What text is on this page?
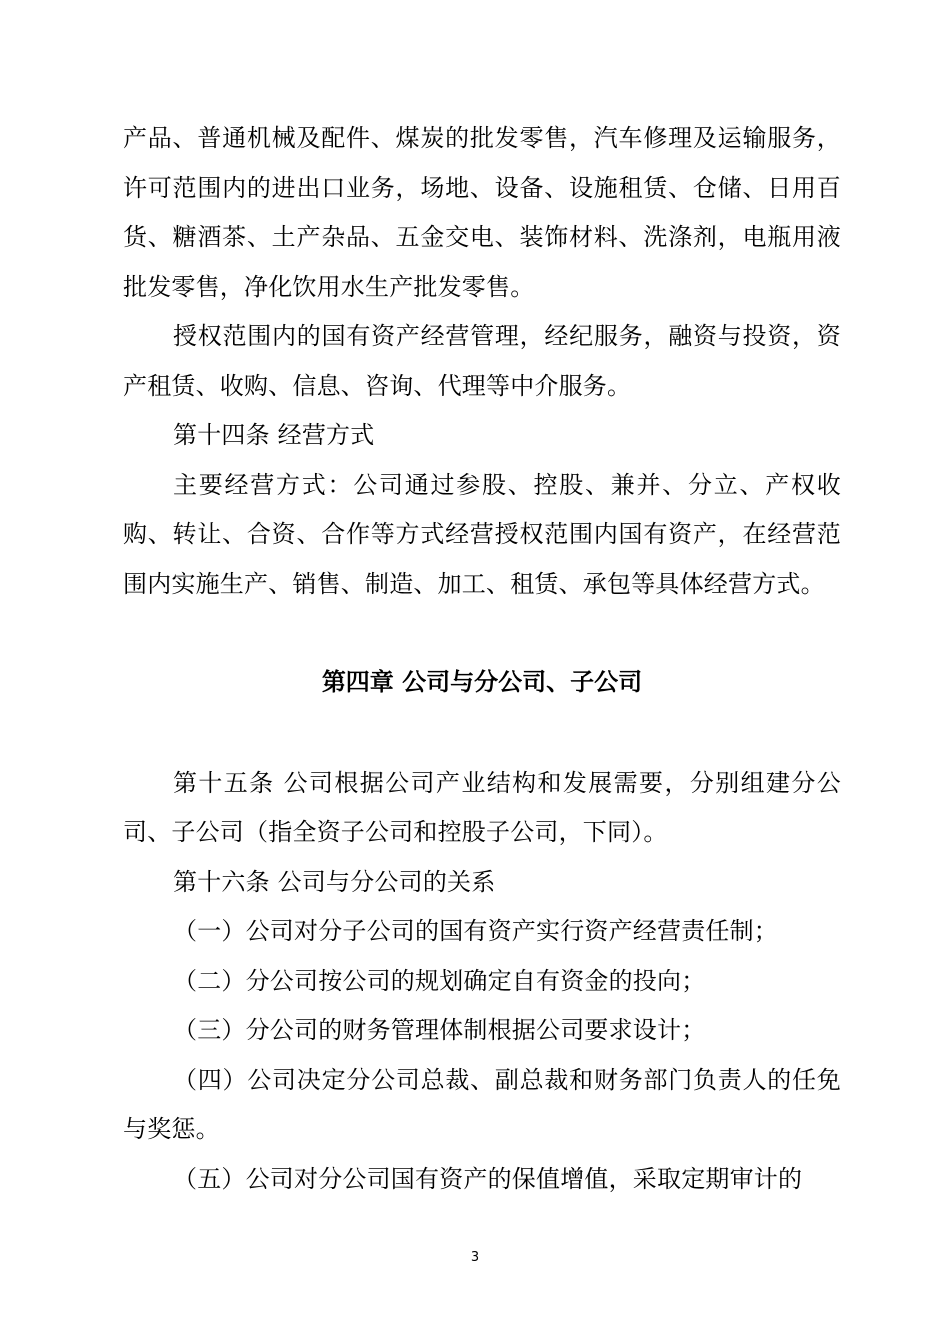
产品、普通机械及配件、煤炭的批发零售，汽车修理及运输服务，许可范围内的进出口业务，场地、设备、设施租赁、仓储、日用百货、糖酒茶、土产杂品、五金交电、装饰材料、洗涤剂，电瓶用液批发零售，净化饮用水生产批发零售。

授权范围内的国有资产经营管理，经纪服务，融资与投资，资产租赁、收购、信息、咨询、代理等中介服务。

第十四条 经营方式

主要经营方式：公司通过参股、控股、兼并、分立、产权收购、转让、合资、合作等方式经营授权范围内国有资产，在经营范围内实施生产、销售、制造、加工、租赁、承包等具体经营方式。

第四章 公司与分公司、子公司

第十五条 公司根据公司产业结构和发展需要，分别组建分公司、子公司（指全资子公司和控股子公司，下同）。

第十六条 公司与分公司的关系

（一）公司对分子公司的国有资产实行资产经营责任制；

（二）分公司按公司的规划确定自有资金的投向；

（三）分公司的财务管理体制根据公司要求设计；

（四）公司决定分公司总裁、副总裁和财务部门负责人的任免与奖惩。

（五）公司对分公司国有资产的保值增值，采取定期审计的

3
